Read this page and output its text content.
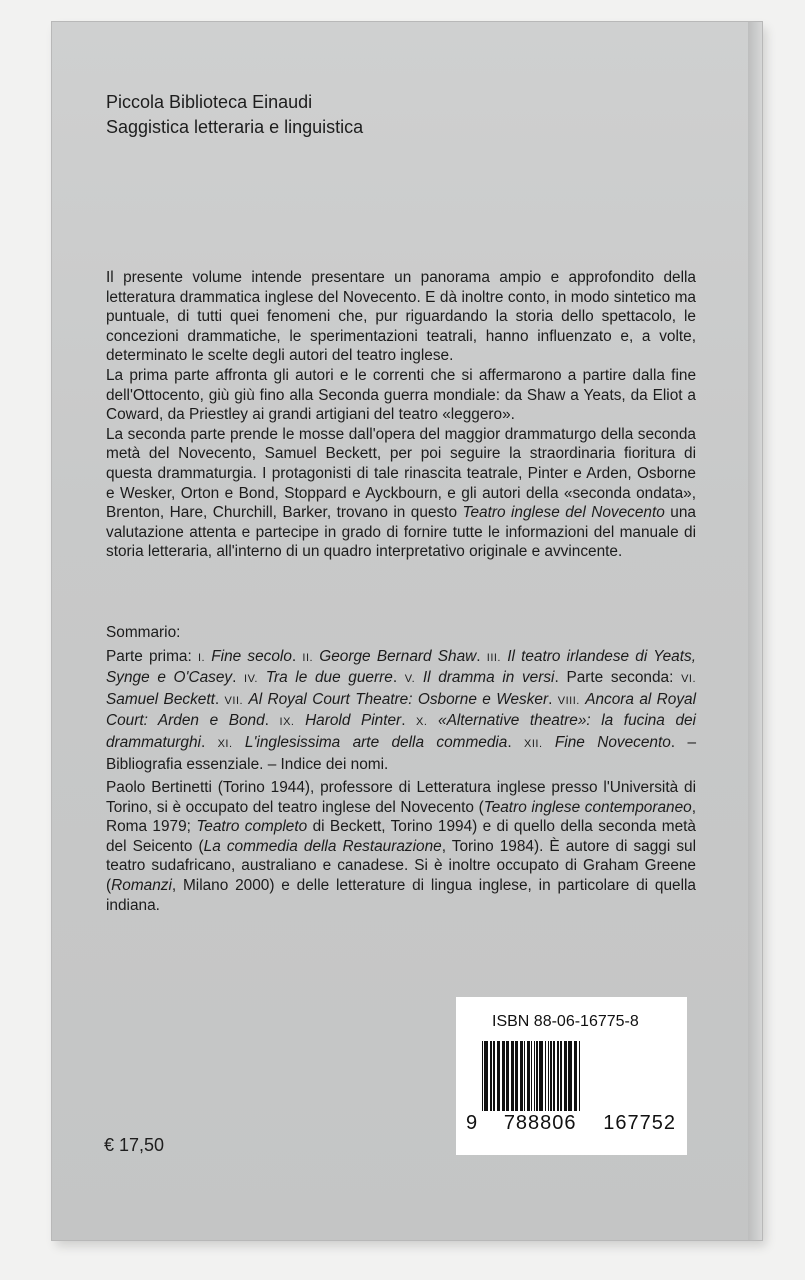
Piccola Biblioteca Einaudi
Saggistica letteraria e linguistica

Il presente volume intende presentare un panorama ampio e approfondito della letteratura drammatica inglese del Novecento. E dà inoltre conto, in modo sintetico ma puntuale, di tutti quei fenomeni che, pur riguardando la storia dello spettacolo, le concezioni drammatiche, le sperimentazioni teatrali, hanno influenzato e, a volte, determinato le scelte degli autori del teatro inglese.

La prima parte affronta gli autori e le correnti che si affermarono a partire dalla fine dell'Ottocento, giù giù fino alla Seconda guerra mondiale: da Shaw a Yeats, da Eliot a Coward, da Priestley ai grandi artigiani del teatro «leggero».

La seconda parte prende le mosse dall'opera del maggior drammaturgo della seconda metà del Novecento, Samuel Beckett, per poi seguire la straordinaria fioritura di questa drammaturgia. I protagonisti di tale rinascita teatrale, Pinter e Arden, Osborne e Wesker, Orton e Bond, Stoppard e Ayckbourn, e gli autori della «seconda ondata», Brenton, Hare, Churchill, Barker, trovano in questo Teatro inglese del Novecento una valutazione attenta e partecipe in grado di fornire tutte le informazioni del manuale di storia letteraria, all'interno di un quadro interpretativo originale e avvincente.

Sommario:

Parte prima: I. Fine secolo. II. George Bernard Shaw. III. Il teatro irlandese di Yeats, Synge e O'Casey. IV. Tra le due guerre. V. Il dramma in versi. Parte seconda: VI. Samuel Beckett. VII. Al Royal Court Theatre: Osborne e Wesker. VIII. Ancora al Royal Court: Arden e Bond. IX. Harold Pinter. X. «Alternative theatre»: la fucina dei drammaturghi. XI. L'inglesissima arte della commedia. XII. Fine Novecento. – Bibliografia essenziale. – Indice dei nomi.

Paolo Bertinetti (Torino 1944), professore di Letteratura inglese presso l'Università di Torino, si è occupato del teatro inglese del Novecento (Teatro inglese contemporaneo, Roma 1979; Teatro completo di Beckett, Torino 1994) e di quello della seconda metà del Seicento (La commedia della Restaurazione, Torino 1984). È autore di saggi sul teatro sudafricano, australiano e canadese. Si è inoltre occupato di Graham Greene (Romanzi, Milano 2000) e delle letterature di lingua inglese, in particolare di quella indiana.

€ 17,50
ISBN 88-06-16775-8
9 788806 167752
